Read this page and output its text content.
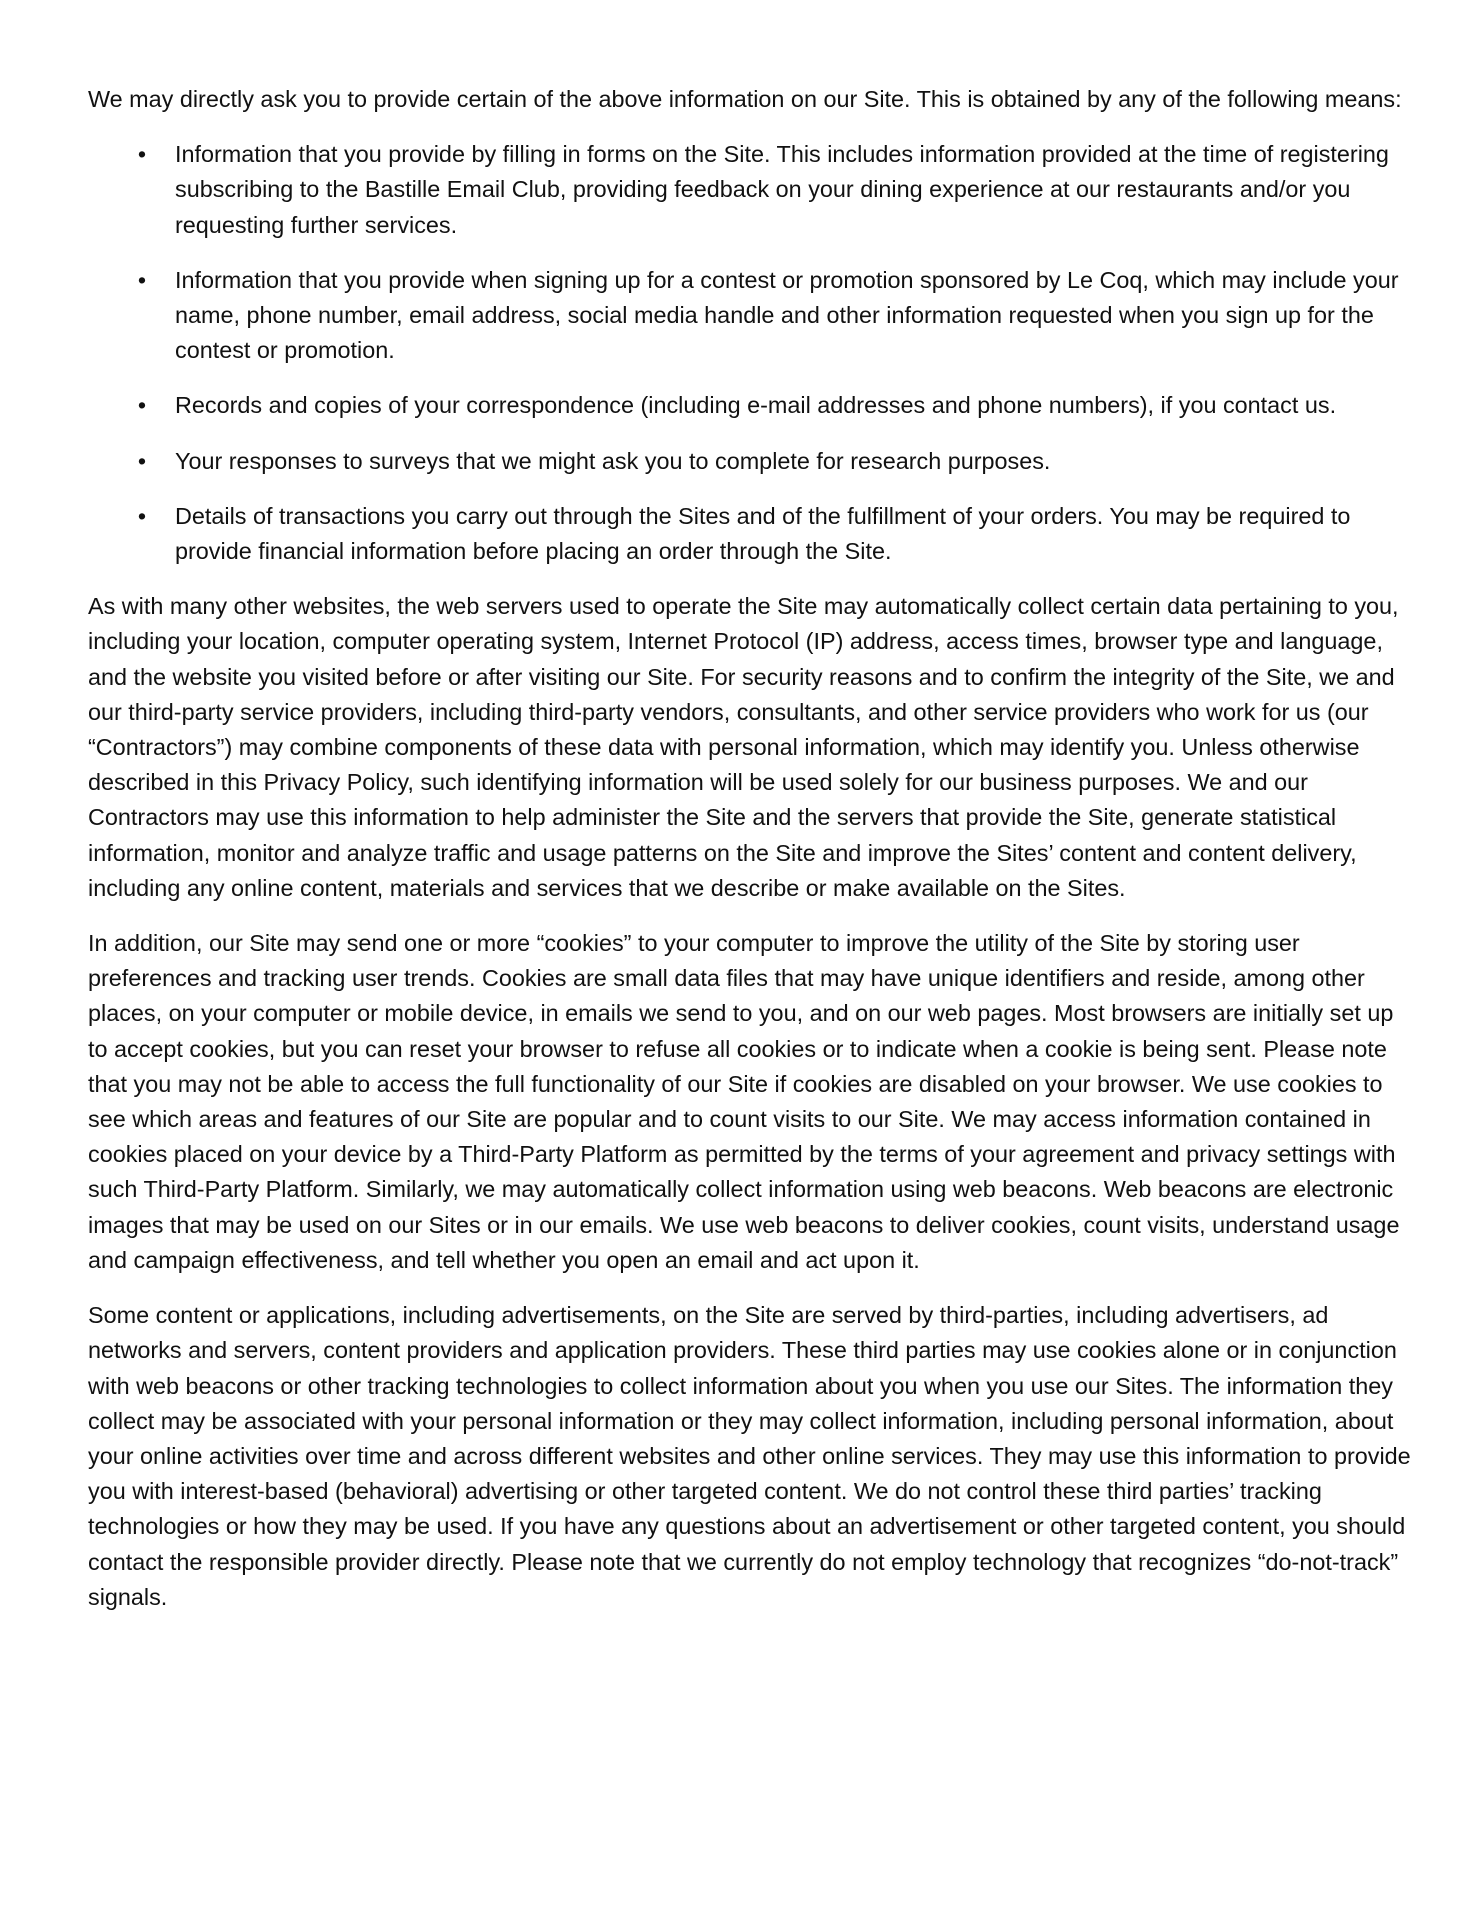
We may directly ask you to provide certain of the above information on our Site. This is obtained by any of the following means:

• Information that you provide by filling in forms on the Site. This includes information provided at the time of registering subscribing to the Bastille Email Club, providing feedback on your dining experience at our restaurants and/or you requesting further services.
• Information that you provide when signing up for a contest or promotion sponsored by Le Coq, which may include your name, phone number, email address, social media handle and other information requested when you sign up for the contest or promotion.
• Records and copies of your correspondence (including e-mail addresses and phone numbers), if you contact us.
• Your responses to surveys that we might ask you to complete for research purposes.
• Details of transactions you carry out through the Sites and of the fulfillment of your orders. You may be required to provide financial information before placing an order through the Site.

As with many other websites, the web servers used to operate the Site may automatically collect certain data pertaining to you, including your location, computer operating system, Internet Protocol (IP) address, access times, browser type and language, and the website you visited before or after visiting our Site. For security reasons and to confirm the integrity of the Site, we and our third-party service providers, including third-party vendors, consultants, and other service providers who work for us (our “Contractors”) may combine components of these data with personal information, which may identify you. Unless otherwise described in this Privacy Policy, such identifying information will be used solely for our business purposes. We and our Contractors may use this information to help administer the Site and the servers that provide the Site, generate statistical information, monitor and analyze traffic and usage patterns on the Site and improve the Sites’ content and content delivery, including any online content, materials and services that we describe or make available on the Sites.

In addition, our Site may send one or more “cookies” to your computer to improve the utility of the Site by storing user preferences and tracking user trends. Cookies are small data files that may have unique identifiers and reside, among other places, on your computer or mobile device, in emails we send to you, and on our web pages. Most browsers are initially set up to accept cookies, but you can reset your browser to refuse all cookies or to indicate when a cookie is being sent. Please note that you may not be able to access the full functionality of our Site if cookies are disabled on your browser. We use cookies to see which areas and features of our Site are popular and to count visits to our Site. We may access information contained in cookies placed on your device by a Third-Party Platform as permitted by the terms of your agreement and privacy settings with such Third-Party Platform. Similarly, we may automatically collect information using web beacons. Web beacons are electronic images that may be used on our Sites or in our emails. We use web beacons to deliver cookies, count visits, understand usage and campaign effectiveness, and tell whether you open an email and act upon it.

Some content or applications, including advertisements, on the Site are served by third-parties, including advertisers, ad networks and servers, content providers and application providers. These third parties may use cookies alone or in conjunction with web beacons or other tracking technologies to collect information about you when you use our Sites. The information they collect may be associated with your personal information or they may collect information, including personal information, about your online activities over time and across different websites and other online services. They may use this information to provide you with interest-based (behavioral) advertising or other targeted content. We do not control these third parties’ tracking technologies or how they may be used. If you have any questions about an advertisement or other targeted content, you should contact the responsible provider directly. Please note that we currently do not employ technology that recognizes “do-not-track” signals.
